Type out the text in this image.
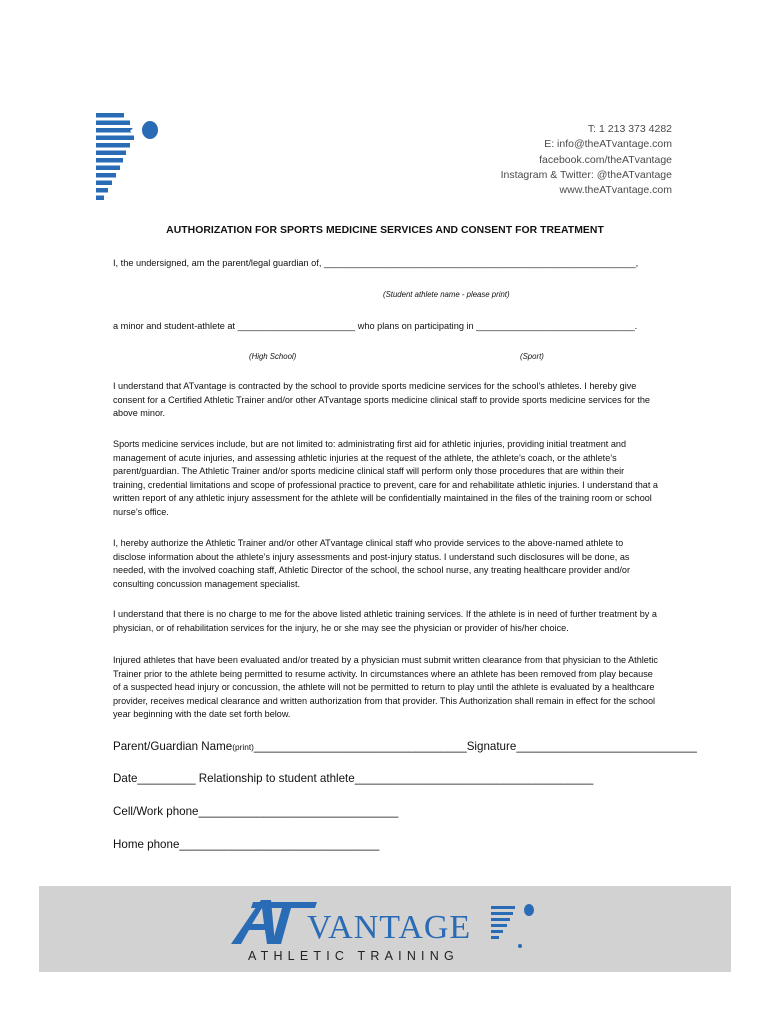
T: 1 213 373 4282
E: info@theATvantage.com
facebook.com/theATvantage
Instagram & Twitter: @theATvantage
www.theATvantage.com
AUTHORIZATION FOR SPORTS MEDICINE SERVICES AND CONSENT FOR TREATMENT
I, the undersigned, am the parent/legal guardian of, _____________________________________________________________,
(Student athlete name - please print)
a minor and student-athlete at _______________________ who plans on participating in _______________________________.
(High School)	(Sport)
I understand that ATvantage is contracted by the school to provide sports medicine services for the school’s athletes. I hereby give consent for a Certified Athletic Trainer and/or other ATvantage sports medicine clinical staff to provide sports medicine services for the above minor.
Sports medicine services include, but are not limited to: administrating first aid for athletic injuries, providing initial treatment and management of acute injuries, and assessing athletic injuries at the request of the athlete, the athlete’s coach, or the athlete’s parent/guardian. The Athletic Trainer and/or sports medicine clinical staff will perform only those procedures that are within their training, credential limitations and scope of professional practice to prevent, care for and rehabilitate athletic injuries. I understand that a written report of any athletic injury assessment for the athlete will be confidentially maintained in the files of the training room or school nurse’s office.
I, hereby authorize the Athletic Trainer and/or other ATvantage clinical staff who provide services to the above-named athlete to disclose information about the athlete’s injury assessments and post-injury status. I understand such disclosures will be done, as needed, with the involved coaching staff, Athletic Director of the school, the school nurse, any treating healthcare provider and/or consulting concussion management specialist.
I understand that there is no charge to me for the above listed athletic training services. If the athlete is in need of further treatment by a physician, or of rehabilitation services for the injury, he or she may see the physician or provider of his/her choice.
Injured athletes that have been evaluated and/or treated by a physician must submit written clearance from that physician to the Athletic Trainer prior to the athlete being permitted to resume activity. In circumstances where an athlete has been removed from play because of a suspected head injury or concussion, the athlete will not be permitted to return to play until the athlete is evaluated by a healthcare provider, receives medical clearance and written authorization from that provider. This Authorization shall remain in effect for the school year beginning with the date set forth below.
Parent/Guardian Name(print)_________________________________Signature____________________________
Date_________ Relationship to student athlete_____________________________________
Cell/Work phone_______________________________
Home phone_______________________________
VANTAGE
ATHLETIC TRAINING
